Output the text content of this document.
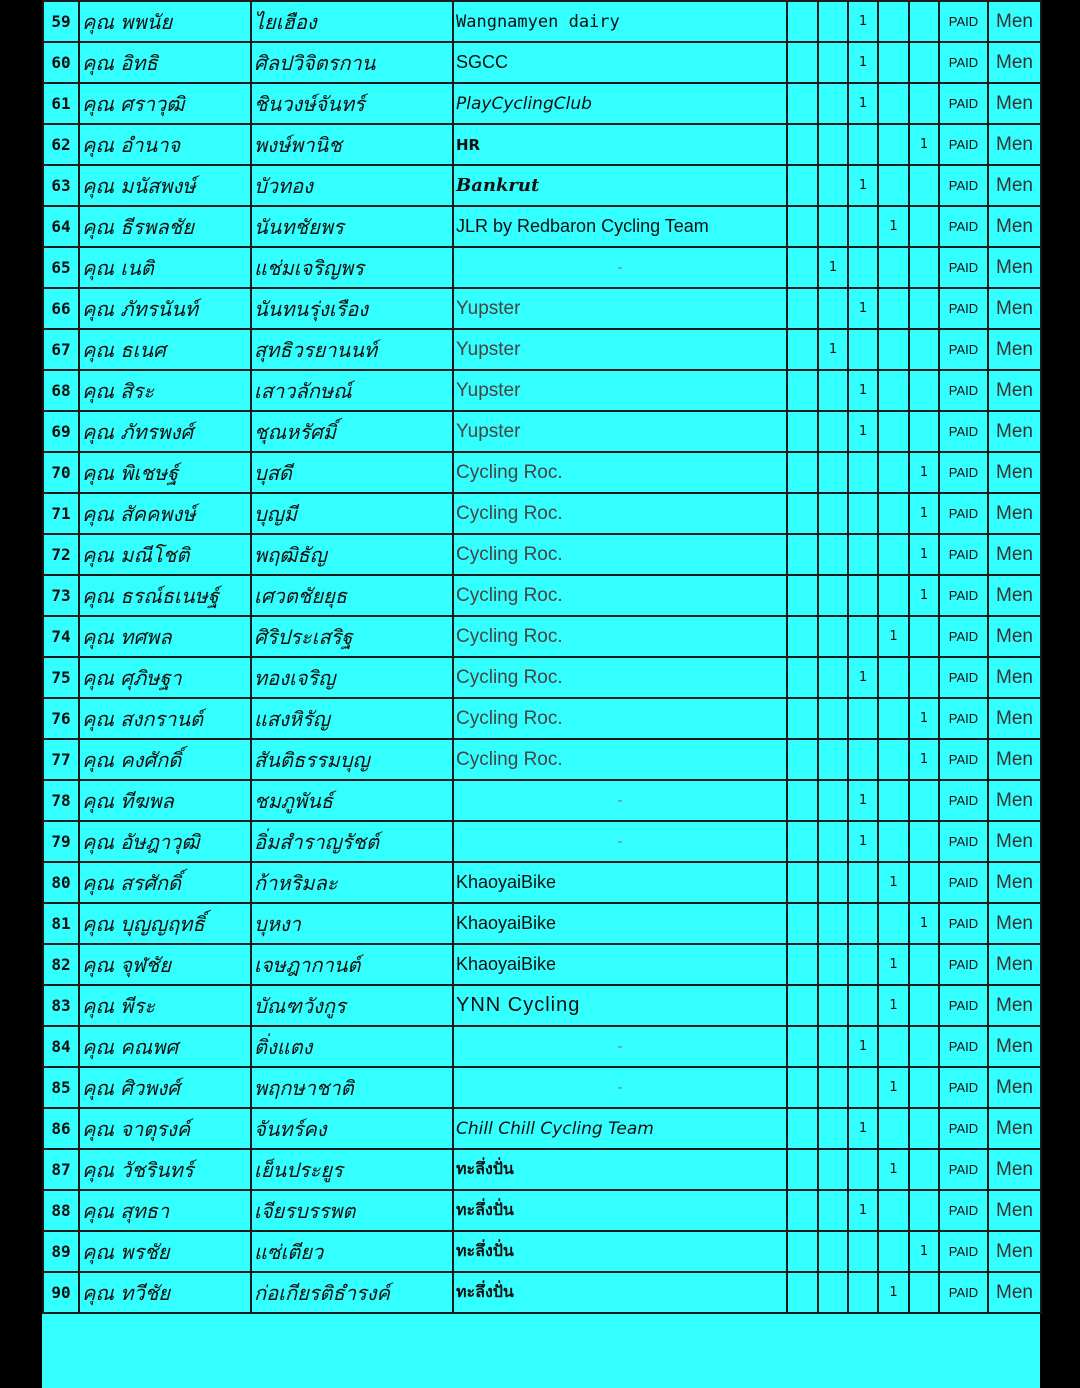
59	คุณ พพนัย	ไยเฮือง	Wangnamyen dairy			1			PAID	Men
60	คุณ อิทธิ	ศิลปวิจิตรกาน	SGCC			1			PAID	Men
61	คุณ ศราวุฒิ	ชินวงษ์จันทร์	PlayCyclingClub			1			PAID	Men
62	คุณ อำนาจ	พงษ์พานิช	HR					1	PAID	Men
63	คุณ มนัสพงษ์	บัวทอง	Bankrut			1			PAID	Men
64	คุณ ธีรพลชัย	นันทชัยพร	JLR by Redbaron Cycling Team				1		PAID	Men
65	คุณ เนติ	แช่มเจริญพร	-		1				PAID	Men
66	คุณ ภัทรนันท์	นันทนรุ่งเรือง	Yupster			1			PAID	Men
67	คุณ ธเนศ	สุทธิวรยานนท์	Yupster		1				PAID	Men
68	คุณ สิระ	เสาวลักษณ์	Yupster			1			PAID	Men
69	คุณ ภัทรพงศ์	ชุณหรัศมิ์	Yupster			1			PAID	Men
70	คุณ พิเชษฐ์	บุสดี	Cycling Roc.					1	PAID	Men
71	คุณ สัคคพงษ์	บุญมี	Cycling Roc.					1	PAID	Men
72	คุณ มณีโชติ	พฤฒิธัญ	Cycling Roc.					1	PAID	Men
73	คุณ ธรณ์ธเนษฐ์	เศวตชัยยุธ	Cycling Roc.					1	PAID	Men
74	คุณ ทศพล	ศิริประเสริฐ	Cycling Roc.				1		PAID	Men
75	คุณ ศุภิษฐา	ทองเจริญ	Cycling Roc.			1			PAID	Men
76	คุณ สงกรานต์	แสงหิรัญ	Cycling Roc.					1	PAID	Men
77	คุณ คงศักดิ์	สันติธรรมบุญ	Cycling Roc.					1	PAID	Men
78	คุณ ทีฆพล	ชมภูพันธ์	-			1			PAID	Men
79	คุณ อัษฎาวุฒิ	อิ่มสำราญรัชต์	-			1			PAID	Men
80	คุณ สรศักดิ์	ก้าหริมละ	KhaoyaiBike				1		PAID	Men
81	คุณ บุญญฤทธิ์	บุหงา	KhaoyaiBike					1	PAID	Men
82	คุณ จุฬชัย	เจษฎากานต์	KhaoyaiBike				1		PAID	Men
83	คุณ พีระ	บัณฑวังกูร	YNN Cycling				1		PAID	Men
84	คุณ คณพศ	ติ่งแตง	-			1			PAID	Men
85	คุณ ศิวพงศ์	พฤกษาชาติ	-				1		PAID	Men
86	คุณ จาตุรงค์	จันทร์คง	Chill Chill Cycling Team			1			PAID	Men
87	คุณ วัชรินทร์	เย็นประยูร	ทะลึ่งปั่น				1		PAID	Men
88	คุณ สุทธา	เจียรบรรพต	ทะลึ่งปั่น			1			PAID	Men
89	คุณ พรชัย	แซ่เตียว	ทะลึ่งปั่น					1	PAID	Men
90	คุณ ทวีชัย	ก่อเกียรติธำรงค์	ทะลึ่งปั่น				1		PAID	Men
